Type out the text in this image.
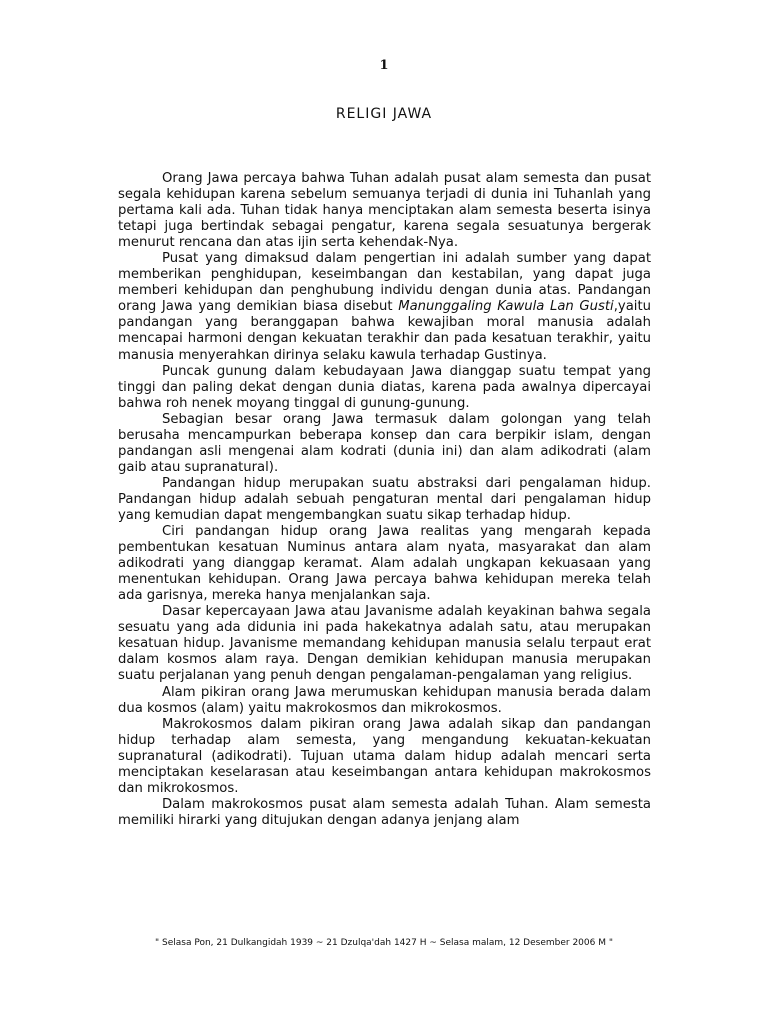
1
RELIGI JAWA

Orang Jawa percaya bahwa Tuhan adalah pusat alam semesta dan pusat segala kehidupan karena sebelum semuanya terjadi di dunia ini Tuhanlah yang pertama kali ada. Tuhan tidak hanya menciptakan alam semesta beserta isinya tetapi juga bertindak sebagai pengatur, karena segala sesuatunya bergerak menurut rencana dan atas ijin serta kehendak-Nya.

Pusat yang dimaksud dalam pengertian ini adalah sumber yang dapat memberikan penghidupan, keseimbangan dan kestabilan, yang dapat juga memberi kehidupan dan penghubung individu dengan dunia atas. Pandangan orang Jawa yang demikian biasa disebut Manunggaling Kawula Lan Gusti,yaitu pandangan yang beranggapan bahwa kewajiban moral manusia adalah mencapai harmoni dengan kekuatan terakhir dan pada kesatuan terakhir, yaitu manusia menyerahkan dirinya selaku kawula terhadap Gustinya.

Puncak gunung dalam kebudayaan Jawa dianggap suatu tempat yang tinggi dan paling dekat dengan dunia diatas, karena pada awalnya dipercayai bahwa roh nenek moyang tinggal di gunung-gunung.

Sebagian besar orang Jawa termasuk dalam golongan yang telah berusaha mencampurkan beberapa konsep dan cara berpikir islam, dengan pandangan asli mengenai alam kodrati (dunia ini) dan alam adikodrati (alam gaib atau supranatural).

Pandangan hidup merupakan suatu abstraksi dari pengalaman hidup. Pandangan hidup adalah sebuah pengaturan mental dari pengalaman hidup yang kemudian dapat mengembangkan suatu sikap terhadap hidup.

Ciri pandangan hidup orang Jawa realitas yang mengarah kepada pembentukan kesatuan Numinus antara alam nyata, masyarakat dan alam adikodrati yang dianggap keramat. Alam adalah ungkapan kekuasaan yang menentukan kehidupan. Orang Jawa percaya bahwa kehidupan mereka telah ada garisnya, mereka hanya menjalankan saja.

Dasar kepercayaan Jawa atau Javanisme adalah keyakinan bahwa segala sesuatu yang ada didunia ini pada hakekatnya adalah satu, atau merupakan kesatuan hidup. Javanisme memandang kehidupan manusia selalu terpaut erat dalam kosmos alam raya. Dengan demikian kehidupan manusia merupakan suatu perjalanan yang penuh dengan pengalaman-pengalaman yang religius.

Alam pikiran orang Jawa merumuskan kehidupan manusia berada dalam dua kosmos (alam) yaitu makrokosmos dan mikrokosmos.

Makrokosmos dalam pikiran orang Jawa adalah sikap dan pandangan hidup terhadap alam semesta, yang mengandung kekuatan-kekuatan supranatural (adikodrati). Tujuan utama dalam hidup adalah mencari serta menciptakan keselarasan atau keseimbangan antara kehidupan makrokosmos dan mikrokosmos.

Dalam makrokosmos pusat alam semesta adalah Tuhan. Alam semesta memiliki hirarki yang ditujukan dengan adanya jenjang alam

" Selasa Pon, 21 Dulkangidah 1939 ~ 21 Dzulqa'dah 1427 H ~ Selasa malam, 12 Desember 2006 M "
